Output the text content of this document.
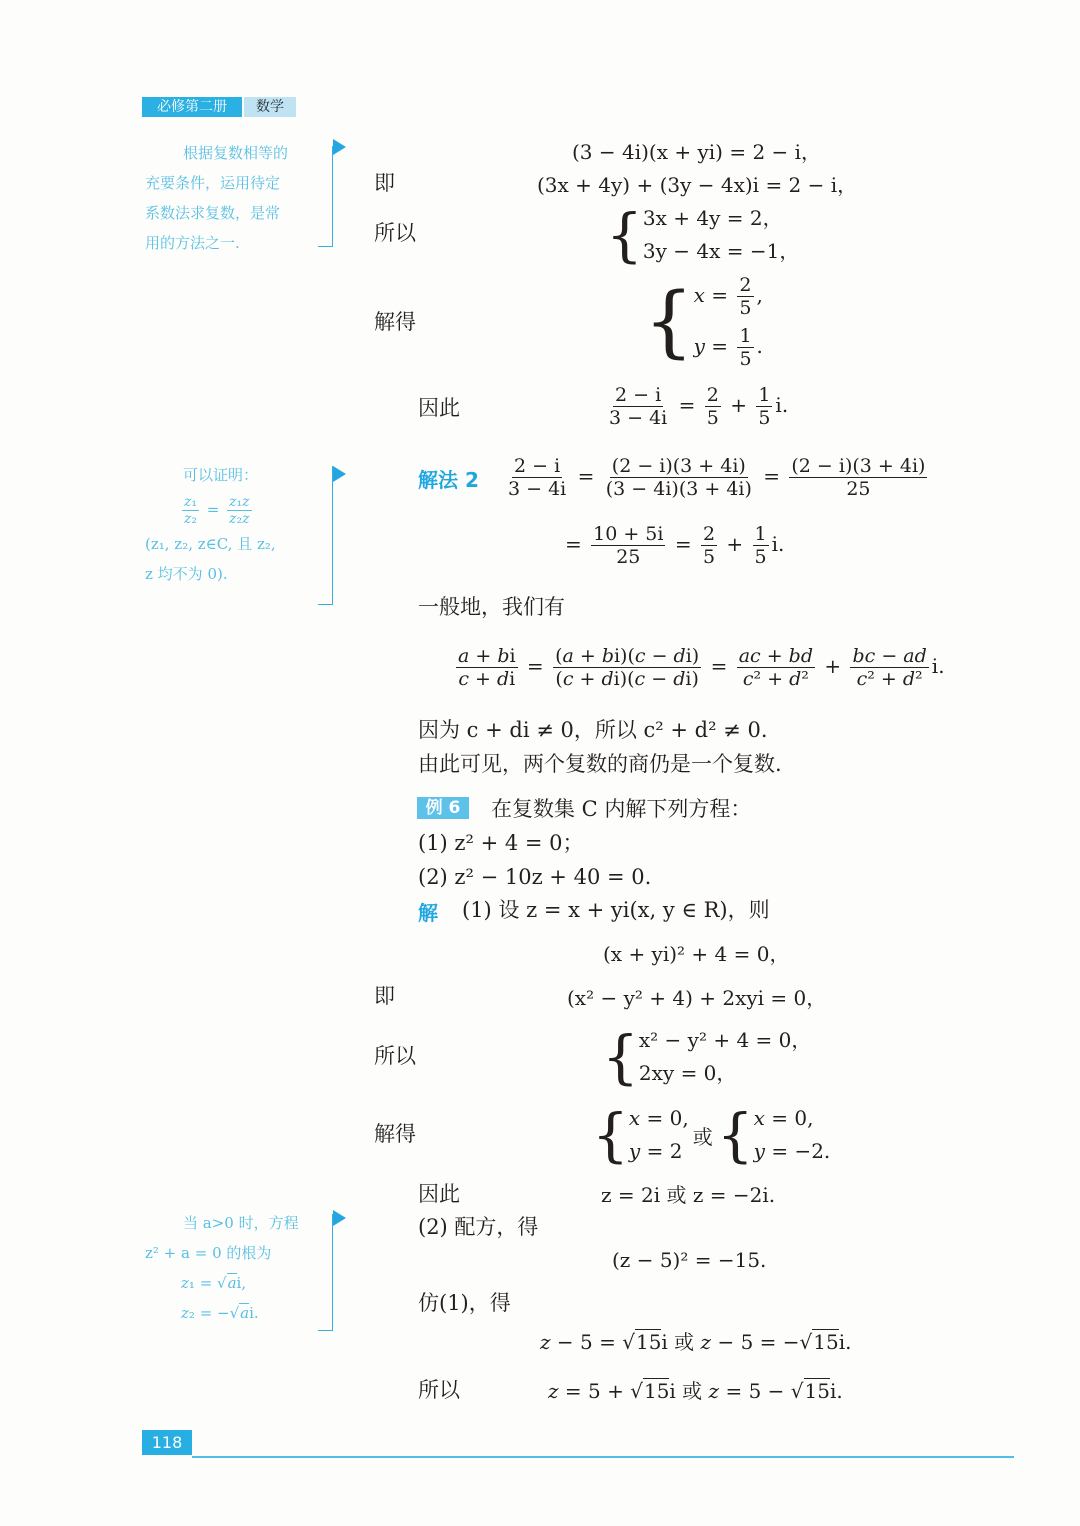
必修第二册	数学
根据复数相等的
充要条件，运用待定
系数法求复数，是常
用的方法之一.
(3 − 4i)(x + yi) = 2 − i，
即	(3x + 4y) + (3y − 4x)i = 2 − i，
所以	{ 3x + 4y = 2，
3y − 4x = −1，
解得	{ $x = \frac{2}{5}$ ,
$y = \frac{1}{5}$ .
因此	$\frac{2 - i}{3 - 4i} = \frac{2}{5} + \frac{1}{5} i$.
可以证明：
$\frac{\text{z₁}}{\text{z₂}} = \frac{\text{z₁z}}{\text{z₂z}}$
(z₁, z₂, z∈C, 且 z₂,
z 均不为 0).
解法 $2 \frac{2 - i}{3 - 4i} = \frac{(2 - i)(3 + 4i)}{(3 - 4i)(3 + 4i)} = \frac{(2 - i)(3 + 4i)}{25}$
= $\frac{10 + 5i}{25} = \frac{2}{5} + \frac{1}{5} i$.
一般地，我们有
$\frac{a + bi}{c + di} = \frac{(a + bi)(c - di)}{(c + di)(c - di)} = \frac{ac + bd}{\text{c² + d²}} + \frac{bc - ad}{\text{c² + d²}} i$.
因为 c + di ≠ 0，所以 c² + d² ≠ 0.
由此可见，两个复数的商仍是一个复数.
例 6	在复数集 C 内解下列方程：
(1) z² + 4 = 0；
(2) z² − 10z + 40 = 0.
解 (1) 设 z = x + yi(x, y ∈ R)，则
(x + yi)² + 4 = 0，
即	(x² − y² + 4) + 2xyi = 0，
所以	{ x² − y² + 4 = 0，
2xy = 0，
解得	{ x = 0,
y = 2
或 { x = 0,
y = −2.
因此	z = 2i 或 z = −2i.
(2) 配方，得
(z − 5)² = −15.
仿(1)，得
z − 5 = √15i 或 z − 5 = −√15i.
所以	z = 5 + √15i 或 z = 5 − √15i.
当 a>0 时，方程
z² + a = 0 的根为
z₁ = √ai,
z₂ = −√ai.
118
